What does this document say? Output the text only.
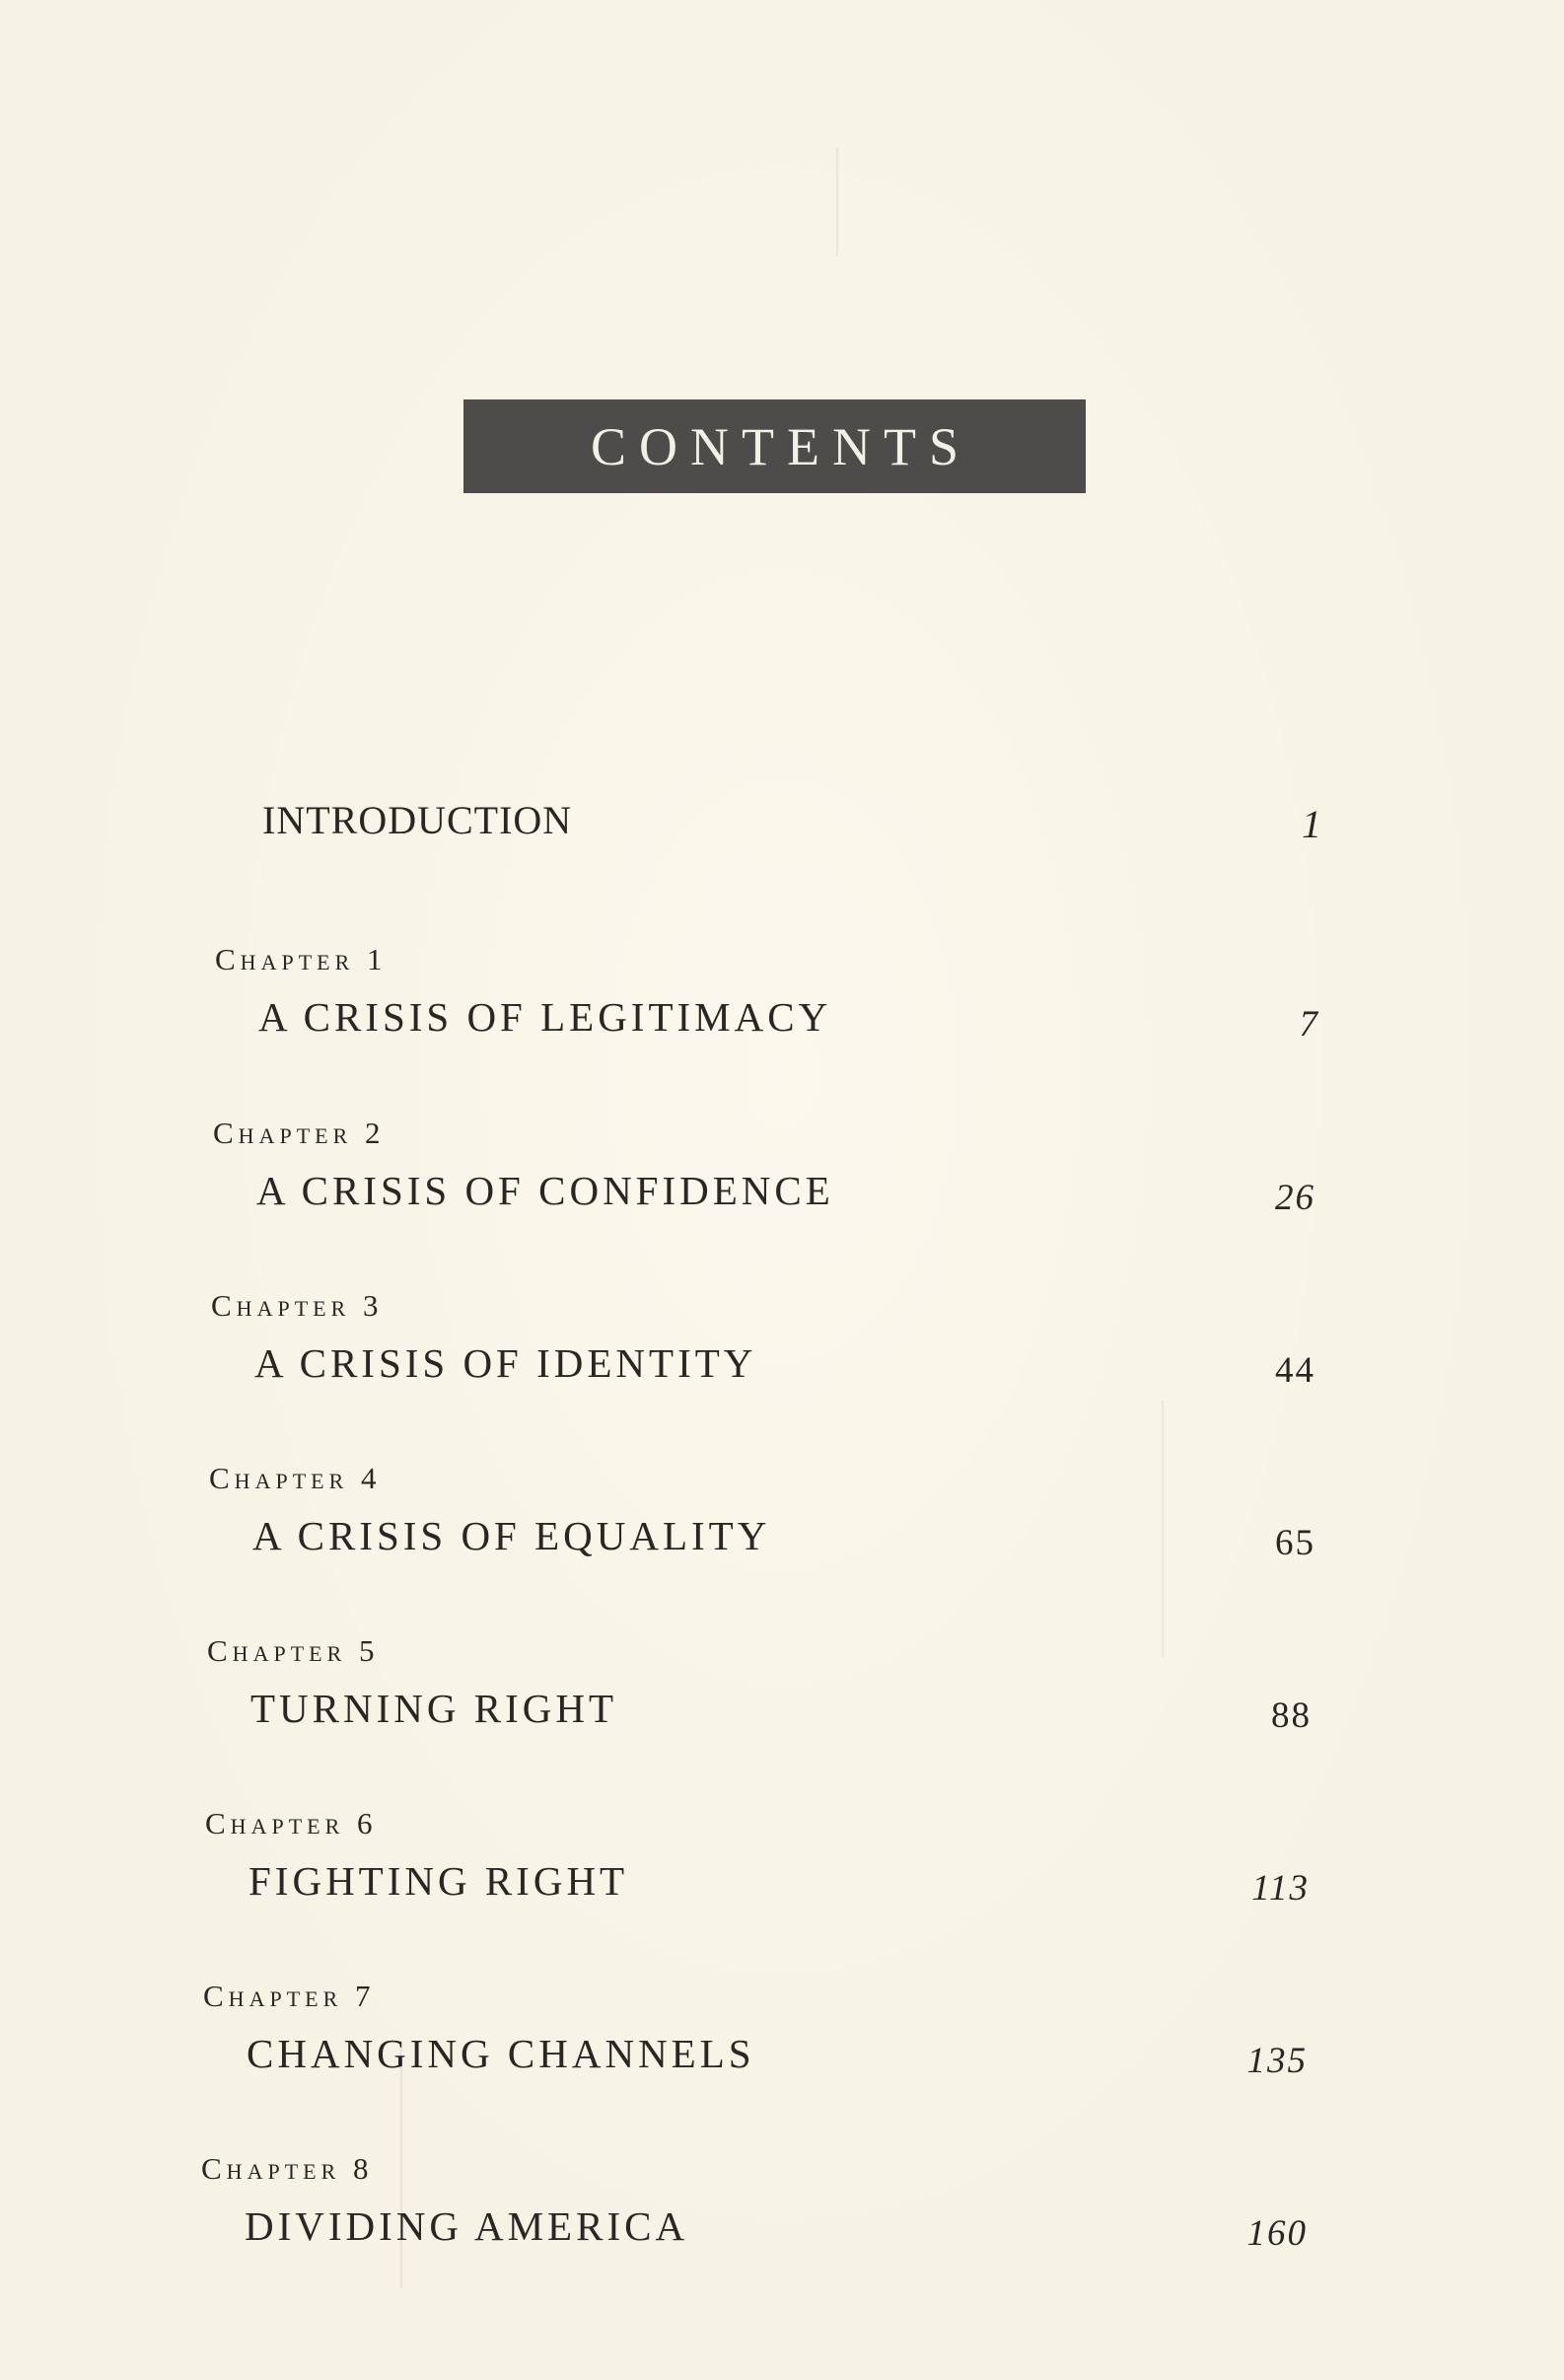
CONTENTS
INTRODUCTION	1
Chapter 1
A CRISIS OF LEGITIMACY	7
Chapter 2
A CRISIS OF CONFIDENCE	26
Chapter 3
A CRISIS OF IDENTITY	44
Chapter 4
A CRISIS OF EQUALITY	65
Chapter 5
TURNING RIGHT	88
Chapter 6
FIGHTING RIGHT	113
Chapter 7
CHANGING CHANNELS	135
Chapter 8
DIVIDING AMERICA	160
